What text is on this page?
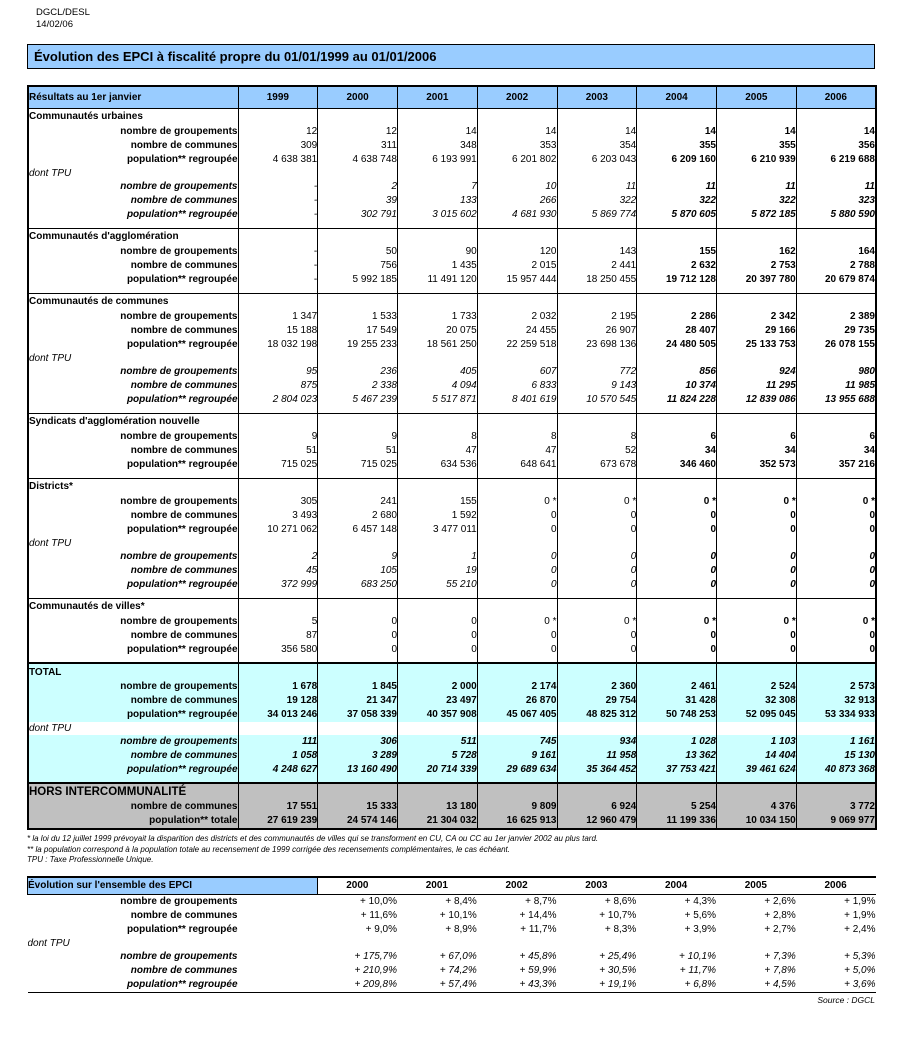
DGCL/DESL
14/02/06
Évolution des EPCI à fiscalité propre du 01/01/1999 au 01/01/2006
Résultats au 1er janvier	1999	2000	2001	2002	2003	2004	2005	2006
Communautés urbaines								
nombre de groupements	12	12	14	14	14	14	14	14
nombre de communes	309	311	348	353	354	355	355	356
population** regroupée	4 638 381	4 638 748	6 193 991	6 201 802	6 203 043	6 209 160	6 210 939	6 219 688
dont TPU								
nombre de groupements	-	2	7	10	11	11	11	11
nombre de communes	-	39	133	266	322	322	322	323
population** regroupée	-	302 791	3 015 602	4 681 930	5 869 774	5 870 605	5 872 185	5 880 590

Communautés d'agglomération								
nombre de groupements	-	50	90	120	143	155	162	164
nombre de communes	-	756	1 435	2 015	2 441	2 632	2 753	2 788
population** regroupée	-	5 992 185	11 491 120	15 957 444	18 250 455	19 712 128	20 397 780	20 679 874

Communautés de communes								
nombre de groupements	1 347	1 533	1 733	2 032	2 195	2 286	2 342	2 389
nombre de communes	15 188	17 549	20 075	24 455	26 907	28 407	29 166	29 735
population** regroupée	18 032 198	19 255 233	18 561 250	22 259 518	23 698 136	24 480 505	25 133 753	26 078 155
dont TPU								
nombre de groupements	95	236	405	607	772	856	924	980
nombre de communes	875	2 338	4 094	6 833	9 143	10 374	11 295	11 985
population** regroupée	2 804 023	5 467 239	5 517 871	8 401 619	10 570 545	11 824 228	12 839 086	13 955 688

Syndicats d'agglomération nouvelle								
nombre de groupements	9	9	8	8	8	6	6	6
nombre de communes	51	51	47	47	52	34	34	34
population** regroupée	715 025	715 025	634 536	648 641	673 678	346 460	352 573	357 216

Districts*								
nombre de groupements	305	241	155	0 *	0 *	0 *	0 *	0 *
nombre de communes	3 493	2 680	1 592	0	0	0	0	0
population** regroupée	10 271 062	6 457 148	3 477 011	0	0	0	0	0
dont TPU								
nombre de groupements	2	9	1	0	0	0	0	0
nombre de communes	45	105	19	0	0	0	0	0
population** regroupée	372 999	683 250	55 210	0	0	0	0	0

Communautés de villes*								
nombre de groupements	5	0	0	0 *	0 *	0 *	0 *	0 *
nombre de communes	87	0	0	0	0	0	0	0
population** regroupée	356 580	0	0	0	0	0	0	0

TOTAL								
nombre de groupements	1 678	1 845	2 000	2 174	2 360	2 461	2 524	2 573
nombre de communes	19 128	21 347	23 497	26 870	29 754	31 428	32 308	32 913
population** regroupée	34 013 246	37 058 339	40 357 908	45 067 405	48 825 312	50 748 253	52 095 045	53 334 933
dont TPU								
nombre de groupements	111	306	511	745	934	1 028	1 103	1 161
nombre de communes	1 058	3 289	5 728	9 161	11 958	13 362	14 404	15 130
population** regroupée	4 248 627	13 160 490	20 714 339	29 689 634	35 364 452	37 753 421	39 461 624	40 873 368

HORS INTERCOMMUNALITÉ								
nombre de communes	17 551	15 333	13 180	9 809	6 924	5 254	4 376	3 772
population** totale	27 619 239	24 574 146	21 304 032	16 625 913	12 960 479	11 199 336	10 034 150	9 069 977
* la loi du 12 juillet 1999 prévoyait la disparition des districts et des communautés de villes qui se transforment en CU, CA ou CC au 1er janvier 2002 au plus tard.
** la population correspond à la population totale au recensement de 1999 corrigée des recensements complémentaires, le cas échéant.
TPU : Taxe Professionnelle Unique.
Évolution sur l'ensemble des EPCI		2000	2001	2002	2003	2004	2005	2006
nombre de groupements		+ 10,0%	+ 8,4%	+ 8,7%	+ 8,6%	+ 4,3%	+ 2,6%	+ 1,9%
nombre de communes		+ 11,6%	+ 10,1%	+ 14,4%	+ 10,7%	+ 5,6%	+ 2,8%	+ 1,9%
population** regroupée		+ 9,0%	+ 8,9%	+ 11,7%	+ 8,3%	+ 3,9%	+ 2,7%	+ 2,4%
dont TPU								
nombre de groupements		+ 175,7%	+ 67,0%	+ 45,8%	+ 25,4%	+ 10,1%	+ 7,3%	+ 5,3%
nombre de communes		+ 210,9%	+ 74,2%	+ 59,9%	+ 30,5%	+ 11,7%	+ 7,8%	+ 5,0%
population** regroupée		+ 209,8%	+ 57,4%	+ 43,3%	+ 19,1%	+ 6,8%	+ 4,5%	+ 3,6%
Source : DGCL
